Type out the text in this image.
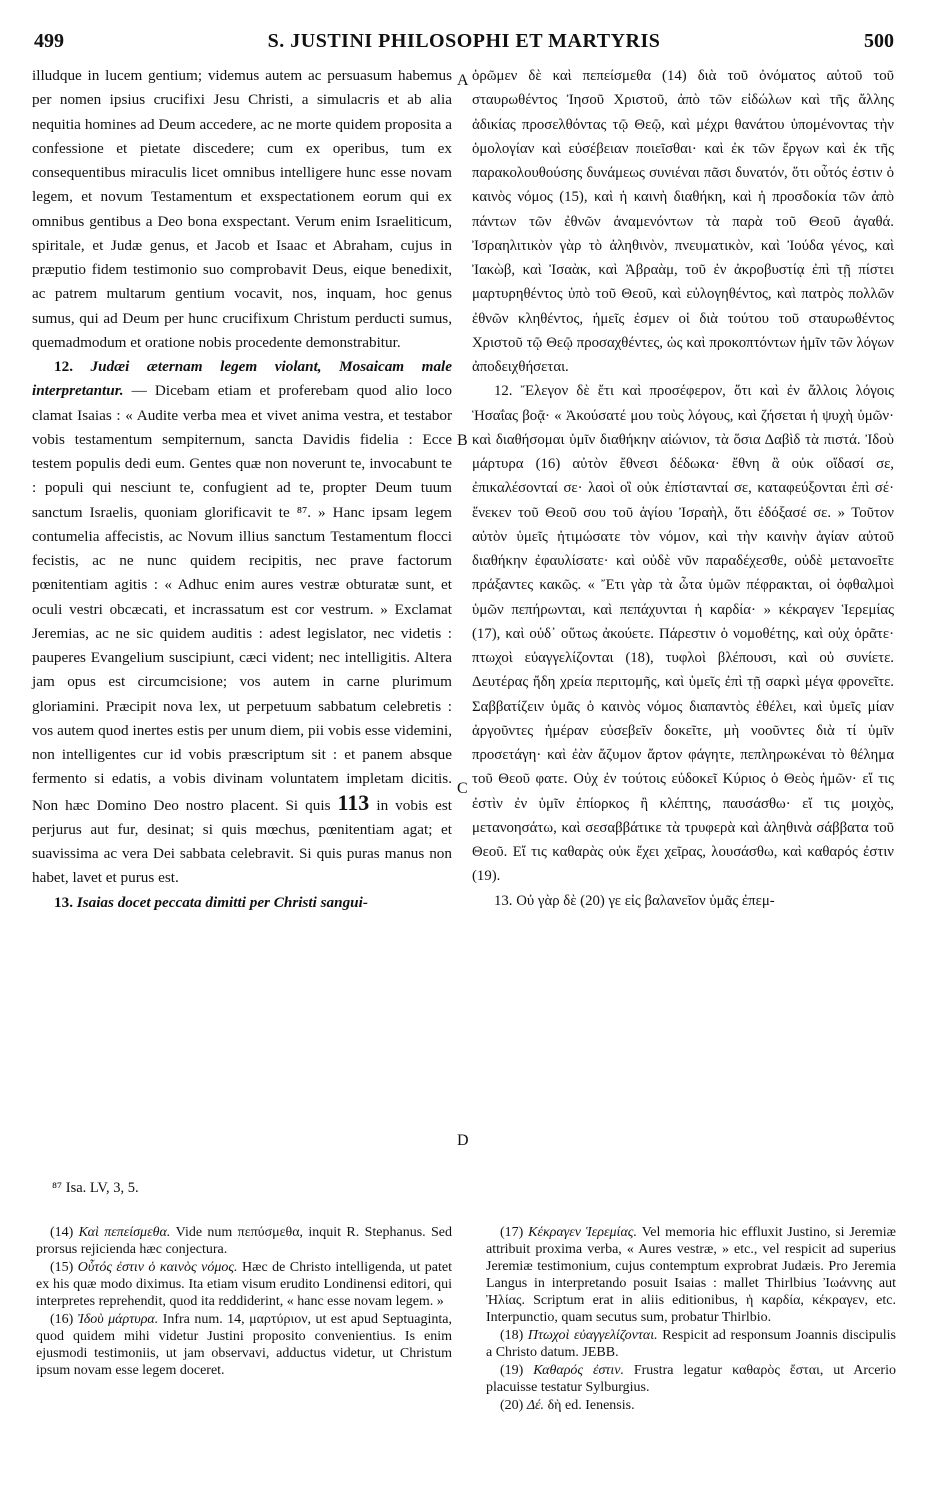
499	S. JUSTINI PHILOSOPHI ET MARTYRIS	500
A
B
C
D

illudque in lucem gentium; videmus autem ac persuasum habemus per nomen ipsius crucifixi Jesu Christi, a simulacris et ab alia nequitia homines ad Deum accedere, ac ne morte quidem proposita a confessione et pietate discedere; cum ex operibus, tum ex consequentibus miraculis licet omnibus intelligere hunc esse novam legem, et novum Testamentum et exspectationem eorum qui ex omnibus gentibus a Deo bona exspectant. Verum enim Israeliticum, spiritale, et Judæ genus, et Jacob et Isaac et Abraham, cujus in præputio fidem testimonio suo comprobavit Deus, eique benedixit, ac patrem multarum gentium vocavit, nos, inquam, hoc genus sumus, qui ad Deum per hunc crucifixum Christum perducti sumus, quemadmodum et oratione nobis procedente demonstrabitur.

12. Judæi æternam legem violant, Mosaicam male interpretantur. — Dicebam etiam et proferebam quod alio loco clamat Isaias : « Audite verba mea et vivet anima vestra, et testabor vobis testamentum sempiternum, sancta Davidis fidelia : Ecce testem populis dedi eum. Gentes quæ non noverunt te, invocabunt te : populi qui nesciunt te, confugient ad te, propter Deum tuum sanctum Israelis, quoniam glorificavit te ⁸⁷. » Hanc ipsam legem contumelia affecistis, ac Novum illius sanctum Testamentum flocci fecistis, ac ne nunc quidem recipitis, nec prave factorum pœnitentiam agitis : « Adhuc enim aures vestræ obturatæ sunt, et oculi vestri obcæcati, et incrassatum est cor vestrum. » Exclamat Jeremias, ac ne sic quidem auditis : adest legislator, nec videtis : pauperes Evangelium suscipiunt, cæci vident; nec intelligitis. Altera jam opus est circumcisione; vos autem in carne plurimum gloriamini. Præcipit nova lex, ut perpetuum sabbatum celebretis : vos autem quod inertes estis per unum diem, pii vobis esse videmini, non intelligentes cur id vobis præscriptum sit : et panem absque fermento si edatis, a vobis divinam voluntatem impletam dicitis. Non hæc Domino Deo nostro placent. Si quis 113 in vobis est perjurus aut fur, desinat; si quis mœchus, pœnitentiam agat; et suavissima ac vera Dei sabbata celebravit. Si quis puras manus non habet, lavet et purus est.

13. Isaias docet peccata dimitti per Christi sangui-

ὁρῶμεν δὲ καὶ πεπείσμεθα (14) διὰ τοῦ ὀνόματος αὐτοῦ τοῦ σταυρωθέντος Ἰησοῦ Χριστοῦ, ἀπὸ τῶν εἰδώλων καὶ τῆς ἄλλης ἀδικίας προσελθόντας τῷ Θεῷ, καὶ μέχρι θανάτου ὑπομένοντας τὴν ὁμολογίαν καὶ εὐσέβειαν ποιεῖσθαι· καὶ ἐκ τῶν ἔργων καὶ ἐκ τῆς παρακολουθούσης δυνάμεως συνιέναι πᾶσι δυνατόν, ὅτι οὗτός ἐστιν ὁ καινὸς νόμος (15), καὶ ἡ καινὴ διαθήκη, καὶ ἡ προσδοκία τῶν ἀπὸ πάντων τῶν ἐθνῶν ἀναμενόντων τὰ παρὰ τοῦ Θεοῦ ἀγαθά. Ἰσραηλιτικὸν γὰρ τὸ ἀληθινὸν, πνευματικὸν, καὶ Ἰούδα γένος, καὶ Ἰακὼβ, καὶ Ἰσαὰκ, καὶ Ἀβραὰμ, τοῦ ἐν ἀκροβυστίᾳ ἐπὶ τῇ πίστει μαρτυρηθέντος ὑπὸ τοῦ Θεοῦ, καὶ εὐλογηθέντος, καὶ πατρὸς πολλῶν ἐθνῶν κληθέντος, ἡμεῖς ἐσμεν οἱ διὰ τούτου τοῦ σταυρωθέντος Χριστοῦ τῷ Θεῷ προσαχθέντες, ὡς καὶ προκοπτόντων ἡμῖν τῶν λόγων ἀποδειχθήσεται.

12. Ἔλεγον δὲ ἔτι καὶ προσέφερον, ὅτι καὶ ἐν ἄλλοις λόγοις Ἡσαΐας βοᾷ· « Ἀκούσατέ μου τοὺς λόγους, καὶ ζήσεται ἡ ψυχὴ ὑμῶν· καὶ διαθήσομαι ὑμῖν διαθήκην αἰώνιον, τὰ ὅσια Δαβὶδ τὰ πιστά. Ἰδοὺ μάρτυρα (16) αὐτὸν ἔθνεσι δέδωκα· ἔθνη ἃ οὐκ οἴδασί σε, ἐπικαλέσονταί σε· λαοὶ οἳ οὐκ ἐπίστανταί σε, καταφεύξονται ἐπὶ σέ· ἕνεκεν τοῦ Θεοῦ σου τοῦ ἁγίου Ἰσραὴλ, ὅτι ἐδόξασέ σε. » Τοῦτον αὐτὸν ὑμεῖς ἠτιμώσατε τὸν νόμον, καὶ τὴν καινὴν ἁγίαν αὐτοῦ διαθήκην ἐφαυλίσατε· καὶ οὐδὲ νῦν παραδέχεσθε, οὐδὲ μετανοεῖτε πράξαντες κακῶς. « Ἔτι γὰρ τὰ ὦτα ὑμῶν πέφρακται, οἱ ὀφθαλμοὶ ὑμῶν πεπήρωνται, καὶ πεπάχυνται ἡ καρδία· » κέκραγεν Ἱερεμίας (17), καὶ οὐδ᾽ οὕτως ἀκούετε. Πάρεστιν ὁ νομοθέτης, καὶ οὐχ ὁρᾶτε· πτωχοὶ εὐαγγελίζονται (18), τυφλοὶ βλέπουσι, καὶ οὐ συνίετε. Δευτέρας ἤδη χρεία περιτομῆς, καὶ ὑμεῖς ἐπὶ τῇ σαρκὶ μέγα φρονεῖτε. Σαββατίζειν ὑμᾶς ὁ καινὸς νόμος διαπαντὸς ἐθέλει, καὶ ὑμεῖς μίαν ἀργοῦντες ἡμέραν εὐσεβεῖν δοκεῖτε, μὴ νοοῦντες διὰ τί ὑμῖν προσετάγη· καὶ ἐὰν ἄζυμον ἄρτον φάγητε, πεπληρωκέναι τὸ θέλημα τοῦ Θεοῦ φατε. Οὐχ ἐν τούτοις εὐδοκεῖ Κύριος ὁ Θεὸς ἡμῶν· εἴ τις ἐστὶν ἐν ὑμῖν ἐπίορκος ἢ κλέπτης, παυσάσθω· εἴ τις μοιχὸς, μετανοησάτω, καὶ σεσαββάτικε τὰ τρυφερὰ καὶ ἀληθινὰ σάββατα τοῦ Θεοῦ. Εἴ τις καθαρὰς οὐκ ἔχει χεῖρας, λουσάσθω, καὶ καθαρός ἐστιν (19).

13. Οὐ γὰρ δὲ (20) γε εἰς βαλανεῖον ὑμᾶς ἐπεμ-

⁸⁷ Isa. LV, 3, 5.

(14) Καὶ πεπείσμεθα. Vide num πεπύσμεθα, inquit R. Stephanus. Sed prorsus rejicienda hæc conjectura.

(15) Οὗτός ἐστιν ὁ καινὸς νόμος. Hæc de Christo intelligenda, ut patet ex his quæ modo diximus. Ita etiam visum erudito Londinensi editori, qui interpretes reprehendit, quod ita reddiderint, « hanc esse novam legem. »

(16) Ἰδοὺ μάρτυρα. Infra num. 14, μαρτύριον, ut est apud Septuaginta, quod quidem mihi videtur Justini proposito convenientius. Is enim ejusmodi testimoniis, ut jam observavi, adductus videtur, ut Christum ipsum novam esse legem doceret.

(17) Κέκραγεν Ἱερεμίας. Vel memoria hic effluxit Justino, si Jeremiæ attribuit proxima verba, « Aures vestræ, » etc., vel respicit ad superius Jeremiæ testimonium, cujus contemptum exprobrat Judæis. Pro Jeremia Langus in interpretando posuit Isaias : mallet Thirlbius Ἰωάννης aut Ἠλίας. Scriptum erat in aliis editionibus, ἡ καρδία, κέκραγεν, etc. Interpunctio, quam secutus sum, probatur Thirlbio.

(18) Πτωχοὶ εὐαγγελίζονται. Respicit ad responsum Joannis discipulis a Christo datum. JEBB.

(19) Καθαρός ἐστιν. Frustra legatur καθαρὸς ἔσται, ut Arcerio placuisse testatur Sylburgius.

(20) Δέ. δὴ ed. Ienensis.
